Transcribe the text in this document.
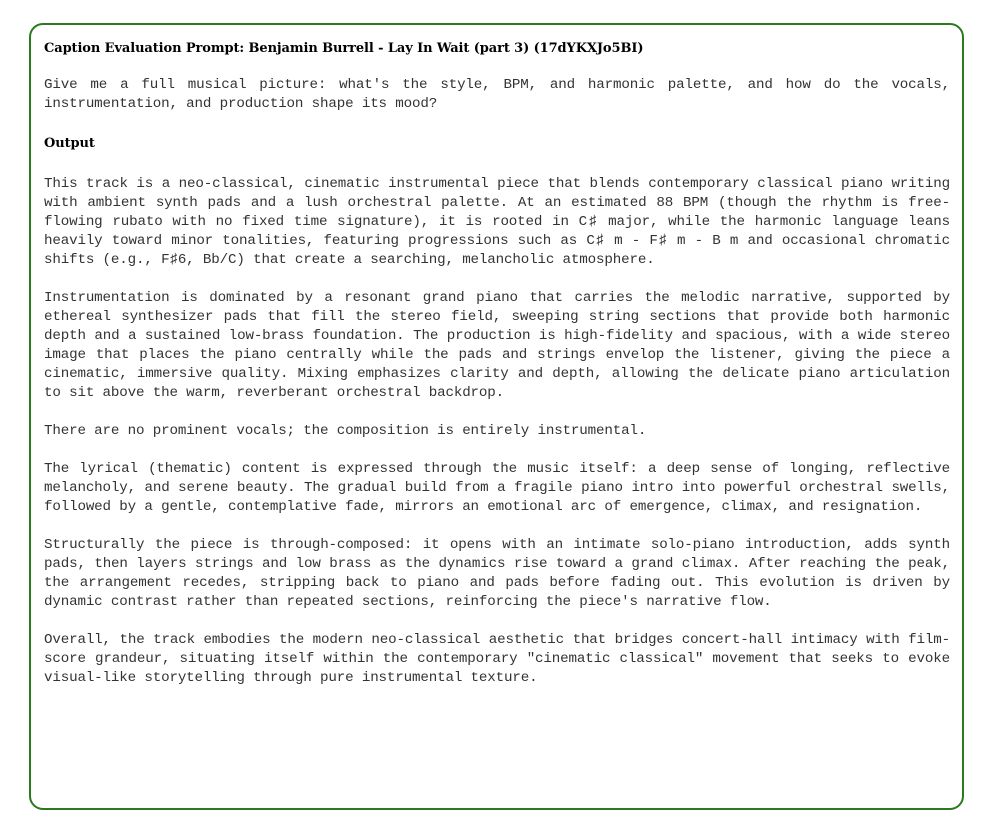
Caption Evaluation Prompt: Benjamin Burrell - Lay In Wait (part 3) (17dYKXJo5BI)

Give me a full musical picture: what's the style, BPM, and harmonic palette, and how do the vocals, instrumentation, and production shape its mood?

Output

This track is a neo-classical, cinematic instrumental piece that blends contemporary classical piano writing with ambient synth pads and a lush orchestral palette. At an estimated 88 BPM (though the rhythm is free-flowing rubato with no fixed time signature), it is rooted in C♯ major, while the harmonic language leans heavily toward minor tonalities, featuring progressions such as C♯ m - F♯ m - B m and occasional chromatic shifts (e.g., F♯6, Bb/C) that create a searching, melancholic atmosphere.

Instrumentation is dominated by a resonant grand piano that carries the melodic narrative, supported by ethereal synthesizer pads that fill the stereo field, sweeping string sections that provide both harmonic depth and a sustained low-brass foundation. The production is high-fidelity and spacious, with a wide stereo image that places the piano centrally while the pads and strings envelop the listener, giving the piece a cinematic, immersive quality. Mixing emphasizes clarity and depth, allowing the delicate piano articulation to sit above the warm, reverberant orchestral backdrop.

There are no prominent vocals; the composition is entirely instrumental.

The lyrical (thematic) content is expressed through the music itself: a deep sense of longing, reflective melancholy, and serene beauty. The gradual build from a fragile piano intro into powerful orchestral swells, followed by a gentle, contemplative fade, mirrors an emotional arc of emergence, climax, and resignation.

Structurally the piece is through-composed: it opens with an intimate solo-piano introduction, adds synth pads, then layers strings and low brass as the dynamics rise toward a grand climax. After reaching the peak, the arrangement recedes, stripping back to piano and pads before fading out. This evolution is driven by dynamic contrast rather than repeated sections, reinforcing the piece's narrative flow.

Overall, the track embodies the modern neo-classical aesthetic that bridges concert-hall intimacy with film-score grandeur, situating itself within the contemporary "cinematic classical" movement that seeks to evoke visual-like storytelling through pure instrumental texture.
